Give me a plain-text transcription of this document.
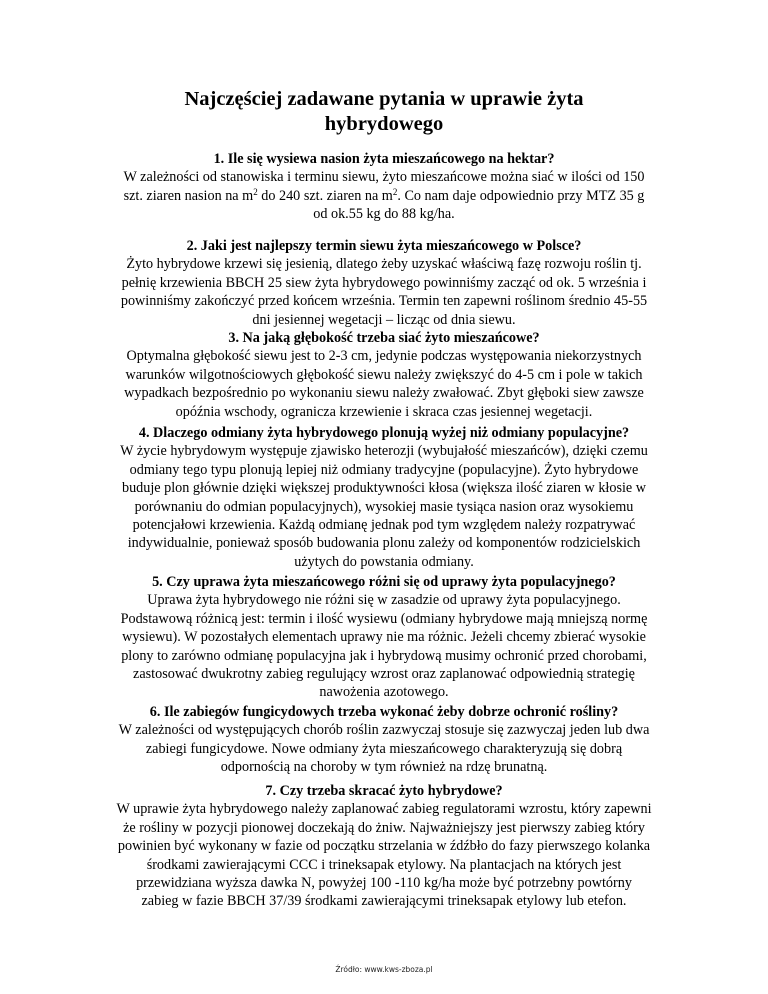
Najczęściej zadawane pytania w uprawie żyta
hybrydowego
1. Ile się wysiewa nasion żyta mieszańcowego na hektar?
W zależności od stanowiska i terminu siewu, żyto mieszańcowe można siać w ilości od 150
szt. ziaren nasion na $m^2$ do 240 szt. ziaren na $m^2$. Co nam daje odpowiednio przy MTZ 35 g
od ok.55 kg do 88 kg/ha.
2. Jaki jest najlepszy termin siewu żyta mieszańcowego w Polsce?
Żyto hybrydowe krzewi się jesienią, dlatego żeby uzyskać właściwą fazę rozwoju roślin tj.
pełnię krzewienia BBCH 25 siew żyta hybrydowego powinniśmy zacząć od ok. 5 września i
powinniśmy zakończyć przed końcem września. Termin ten zapewni roślinom średnio 45-55
dni jesiennej wegetacji – licząc od dnia siewu.
3. Na jaką głębokość trzeba siać żyto mieszańcowe?
Optymalna głębokość siewu jest to 2-3 cm, jedynie podczas występowania niekorzystnych
warunków wilgotnościowych głębokość siewu należy zwiększyć do 4-5 cm i pole w takich
wypadkach bezpośrednio po wykonaniu siewu należy zwałować. Zbyt głęboki siew zawsze
opóźnia wschody, ogranicza krzewienie i skraca czas jesiennej wegetacji.
4. Dlaczego odmiany żyta hybrydowego plonują wyżej niż odmiany populacyjne?
W życie hybrydowym występuje zjawisko heterozji (wybujałość mieszańców), dzięki czemu
odmiany tego typu plonują lepiej niż odmiany tradycyjne (populacyjne). Żyto hybrydowe
buduje plon głównie dzięki większej produktywności kłosa (większa ilość ziaren w kłosie w
porównaniu do odmian populacyjnych), wysokiej masie tysiąca nasion oraz wysokiemu
potencjałowi krzewienia. Każdą odmianę jednak pod tym względem należy rozpatrywać
indywidualnie, ponieważ sposób budowania plonu zależy od komponentów rodzicielskich
użytych do powstania odmiany.
5. Czy uprawa żyta mieszańcowego różni się od uprawy żyta populacyjnego?
Uprawa żyta hybrydowego nie różni się w zasadzie od uprawy żyta populacyjnego.
Podstawową różnicą jest: termin i ilość wysiewu (odmiany hybrydowe mają mniejszą normę
wysiewu). W pozostałych elementach uprawy nie ma różnic. Jeżeli chcemy zbierać wysokie
plony to zarówno odmianę populacyjna jak i hybrydową musimy ochronić przed chorobami,
zastosować dwukrotny zabieg regulujący wzrost oraz zaplanować odpowiednią strategię
nawożenia azotowego.
6. Ile zabiegów fungicydowych trzeba wykonać żeby dobrze ochronić rośliny?
W zależności od występujących chorób roślin zazwyczaj stosuje się zazwyczaj jeden lub dwa
zabiegi fungicydowe. Nowe odmiany żyta mieszańcowego charakteryzują się dobrą
odpornością na choroby w tym również na rdzę brunatną.
7. Czy trzeba skracać żyto hybrydowe?
W uprawie żyta hybrydowego należy zaplanować zabieg regulatorami wzrostu, który zapewni
że rośliny w pozycji pionowej doczekają do żniw. Najważniejszy jest pierwszy zabieg który
powinien być wykonany w fazie od początku strzelania w źdźbło do fazy pierwszego kolanka
środkami zawierającymi CCC i trineksapak etylowy. Na plantacjach na których jest
przewidziana wyższa dawka N, powyżej 100 -110 kg/ha może być potrzebny powtórny
zabieg w fazie BBCH 37/39 środkami zawierającymi trineksapak etylowy lub etefon.
Źródło: www.kws-zboza.pl
